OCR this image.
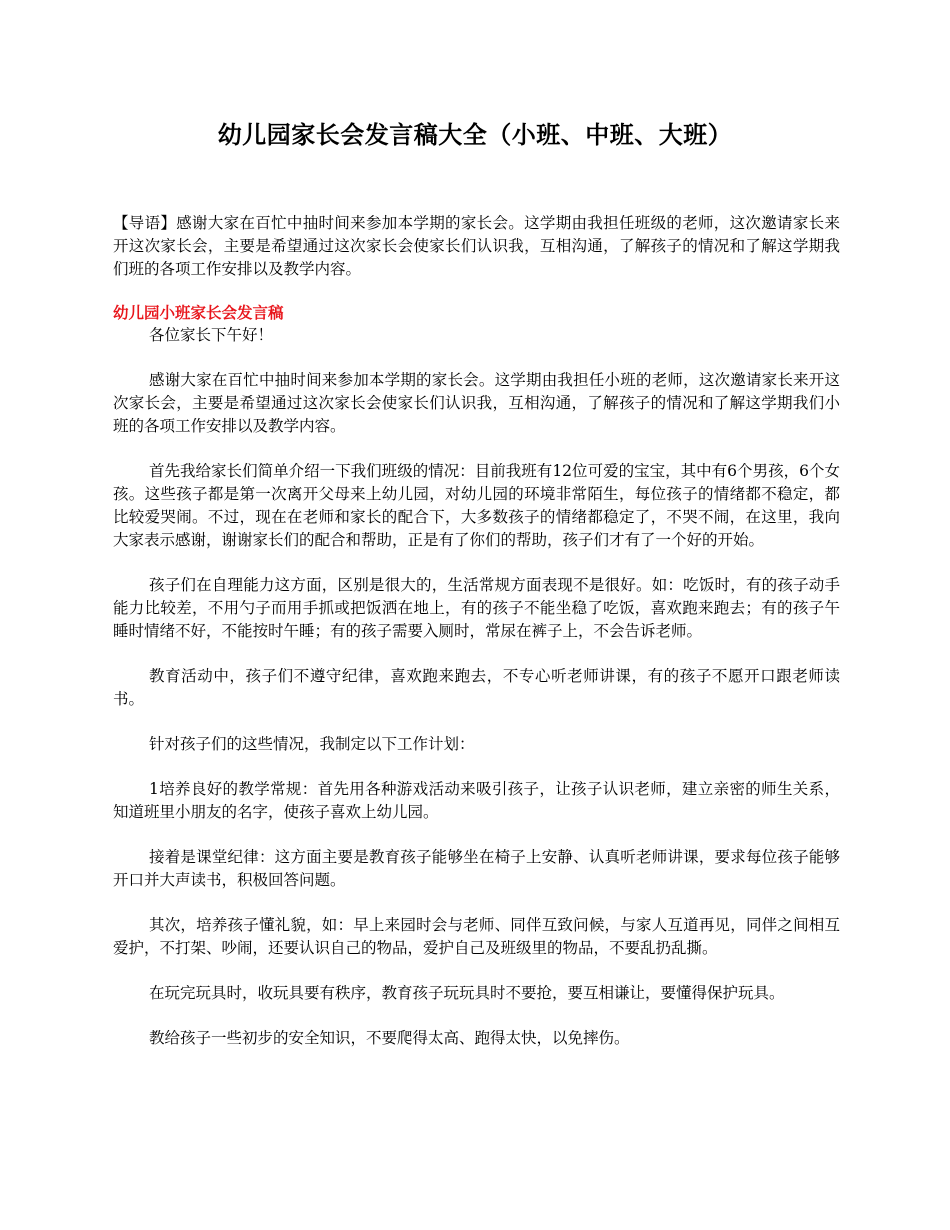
幼儿园家长会发言稿大全（小班、中班、大班）

【导语】感谢大家在百忙中抽时间来参加本学期的家长会。这学期由我担任班级的老师，这次邀请家长来开这次家长会，主要是希望通过这次家长会使家长们认识我，互相沟通，了解孩子的情况和了解这学期我们班的各项工作安排以及教学内容。

幼儿园小班家长会发言稿

各位家长下午好！

感谢大家在百忙中抽时间来参加本学期的家长会。这学期由我担任小班的老师，这次邀请家长来开这次家长会，主要是希望通过这次家长会使家长们认识我，互相沟通，了解孩子的情况和了解这学期我们小班的各项工作安排以及教学内容。

首先我给家长们简单介绍一下我们班级的情况：目前我班有12位可爱的宝宝，其中有6个男孩，6个女孩。这些孩子都是第一次离开父母来上幼儿园，对幼儿园的环境非常陌生，每位孩子的情绪都不稳定，都比较爱哭闹。不过，现在在老师和家长的配合下，大多数孩子的情绪都稳定了，不哭不闹，在这里，我向大家表示感谢，谢谢家长们的配合和帮助，正是有了你们的帮助，孩子们才有了一个好的开始。

孩子们在自理能力这方面，区别是很大的，生活常规方面表现不是很好。如：吃饭时，有的孩子动手能力比较差，不用勺子而用手抓或把饭洒在地上，有的孩子不能坐稳了吃饭，喜欢跑来跑去；有的孩子午睡时情绪不好，不能按时午睡；有的孩子需要入厕时，常尿在裤子上，不会告诉老师。

教育活动中，孩子们不遵守纪律，喜欢跑来跑去，不专心听老师讲课，有的孩子不愿开口跟老师读书。

针对孩子们的这些情况，我制定以下工作计划：

1培养良好的教学常规：首先用各种游戏活动来吸引孩子，让孩子认识老师，建立亲密的师生关系，知道班里小朋友的名字，使孩子喜欢上幼儿园。

接着是课堂纪律：这方面主要是教育孩子能够坐在椅子上安静、认真听老师讲课，要求每位孩子能够开口并大声读书，积极回答问题。

其次，培养孩子懂礼貌，如：早上来园时会与老师、同伴互致问候，与家人互道再见，同伴之间相互爱护，不打架、吵闹，还要认识自己的物品，爱护自己及班级里的物品，不要乱扔乱撕。

在玩完玩具时，收玩具要有秩序，教育孩子玩玩具时不要抢，要互相谦让，要懂得保护玩具。

教给孩子一些初步的安全知识，不要爬得太高、跑得太快，以免摔伤。
